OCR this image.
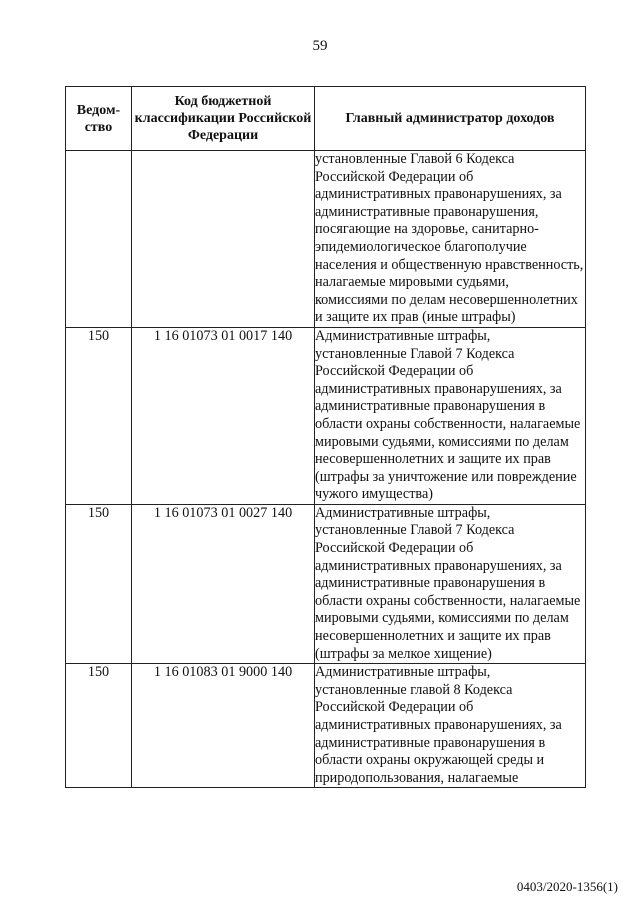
59
Ведом-ство	Код бюджетной классификации Российской Федерации	Главный администратор доходов
		установленные Главой 6 Кодекса Российской Федерации об административных правонарушениях, за административные правонарушения, посягающие на здоровье, санитарно-эпидемиологическое благополучие населения и общественную нравственность, налагаемые мировыми судьями, комиссиями по делам несовершеннолетних и защите их прав (иные штрафы)
150	1 16 01073 01 0017 140	Административные штрафы, установленные Главой 7 Кодекса Российской Федерации об административных правонарушениях, за административные правонарушения в области охраны собственности, налагаемые мировыми судьями, комиссиями по делам несовершеннолетних и защите их прав (штрафы за уничтожение или повреждение чужого имущества)
150	1 16 01073 01 0027 140	Административные штрафы, установленные Главой 7 Кодекса Российской Федерации об административных правонарушениях, за административные правонарушения в области охраны собственности, налагаемые мировыми судьями, комиссиями по делам несовершеннолетних и защите их прав (штрафы за мелкое хищение)
150	1 16 01083 01 9000 140	Административные штрафы, установленные главой 8 Кодекса Российской Федерации об административных правонарушениях, за административные правонарушения в области охраны окружающей среды и природопользования, налагаемые
0403/2020-1356(1)
